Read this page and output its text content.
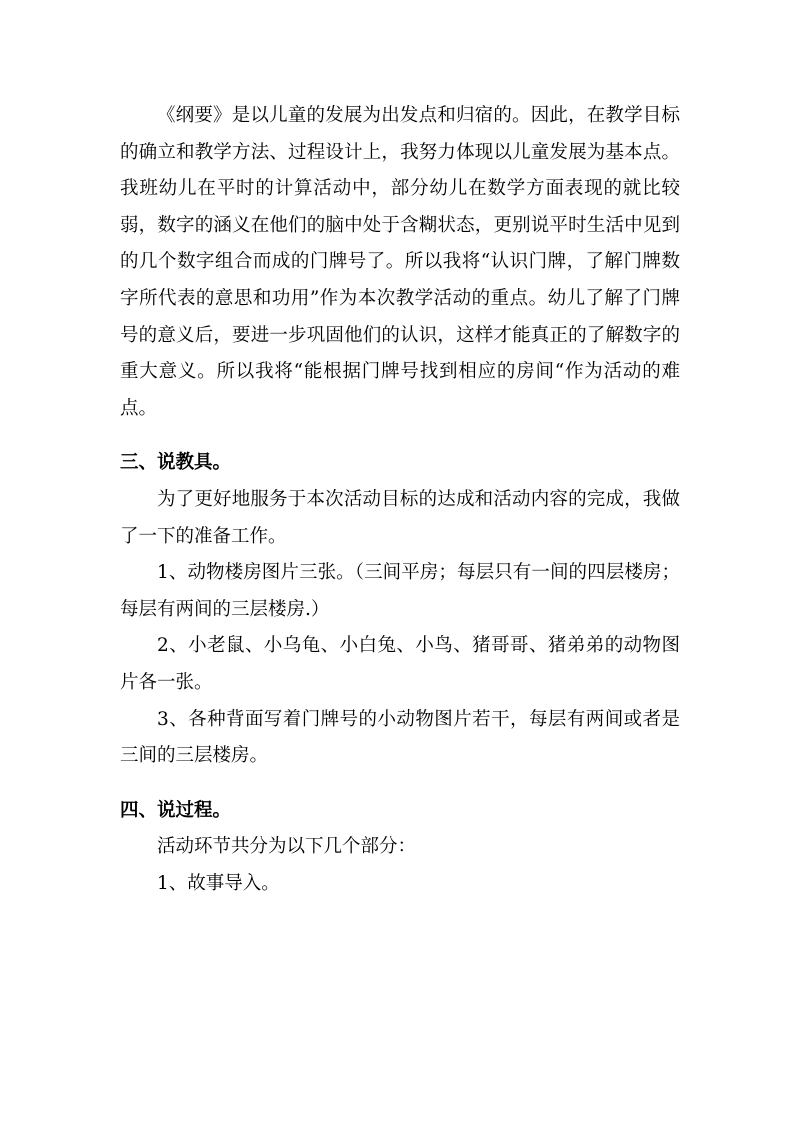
《纲要》是以儿童的发展为出发点和归宿的。因此，在教学目标的确立和教学方法、过程设计上，我努力体现以儿童发展为基本点。我班幼儿在平时的计算活动中，部分幼儿在数学方面表现的就比较弱，数字的涵义在他们的脑中处于含糊状态，更别说平时生活中见到的几个数字组合而成的门牌号了。所以我将“认识门牌，了解门牌数字所代表的意思和功用”作为本次教学活动的重点。幼儿了解了门牌号的意义后，要进一步巩固他们的认识，这样才能真正的了解数字的重大意义。所以我将“能根据门牌号找到相应的房间“作为活动的难点。

三、说教具。

为了更好地服务于本次活动目标的达成和活动内容的完成，我做了一下的准备工作。

1、动物楼房图片三张。（三间平房；每层只有一间的四层楼房；每层有两间的三层楼房.）

2、小老鼠、小乌龟、小白兔、小鸟、猪哥哥、猪弟弟的动物图片各一张。

3、各种背面写着门牌号的小动物图片若干，每层有两间或者是三间的三层楼房。

四、说过程。

活动环节共分为以下几个部分：

1、故事导入。
